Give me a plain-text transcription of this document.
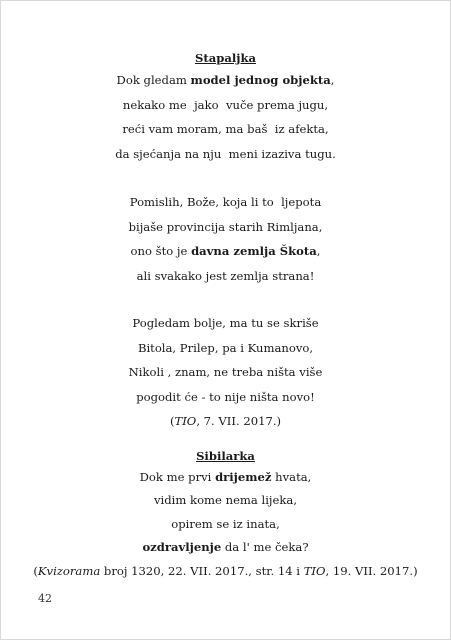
Stapaljka
Dok gledam model jednog objekta,
nekako me  jako  vuče prema jugu,
reći vam moram, ma baš  iz afekta,
da sjećanja na nju  meni izaziva tugu.
Pomislih, Bože, koja li to  ljepota
bijaše provincija starih Rimljana,
ono što je davna zemlja Škota,
ali svakako jest zemlja strana!
Pogledam bolje, ma tu se skriše
Bitola, Prilep, pa i Kumanovo,
Nikoli , znam, ne treba ništa više
pogodit će - to nije ništa novo!
(TIO, 7. VII. 2017.)
Sibilarka
Dok me prvi drijemež hvata,
vidim kome nema lijeka,
opirem se iz inata,
ozdravljenje da l' me čeka?
(Kvizorama broj 1320, 22. VII. 2017., str. 14 i TIO, 19. VII. 2017.)
42
